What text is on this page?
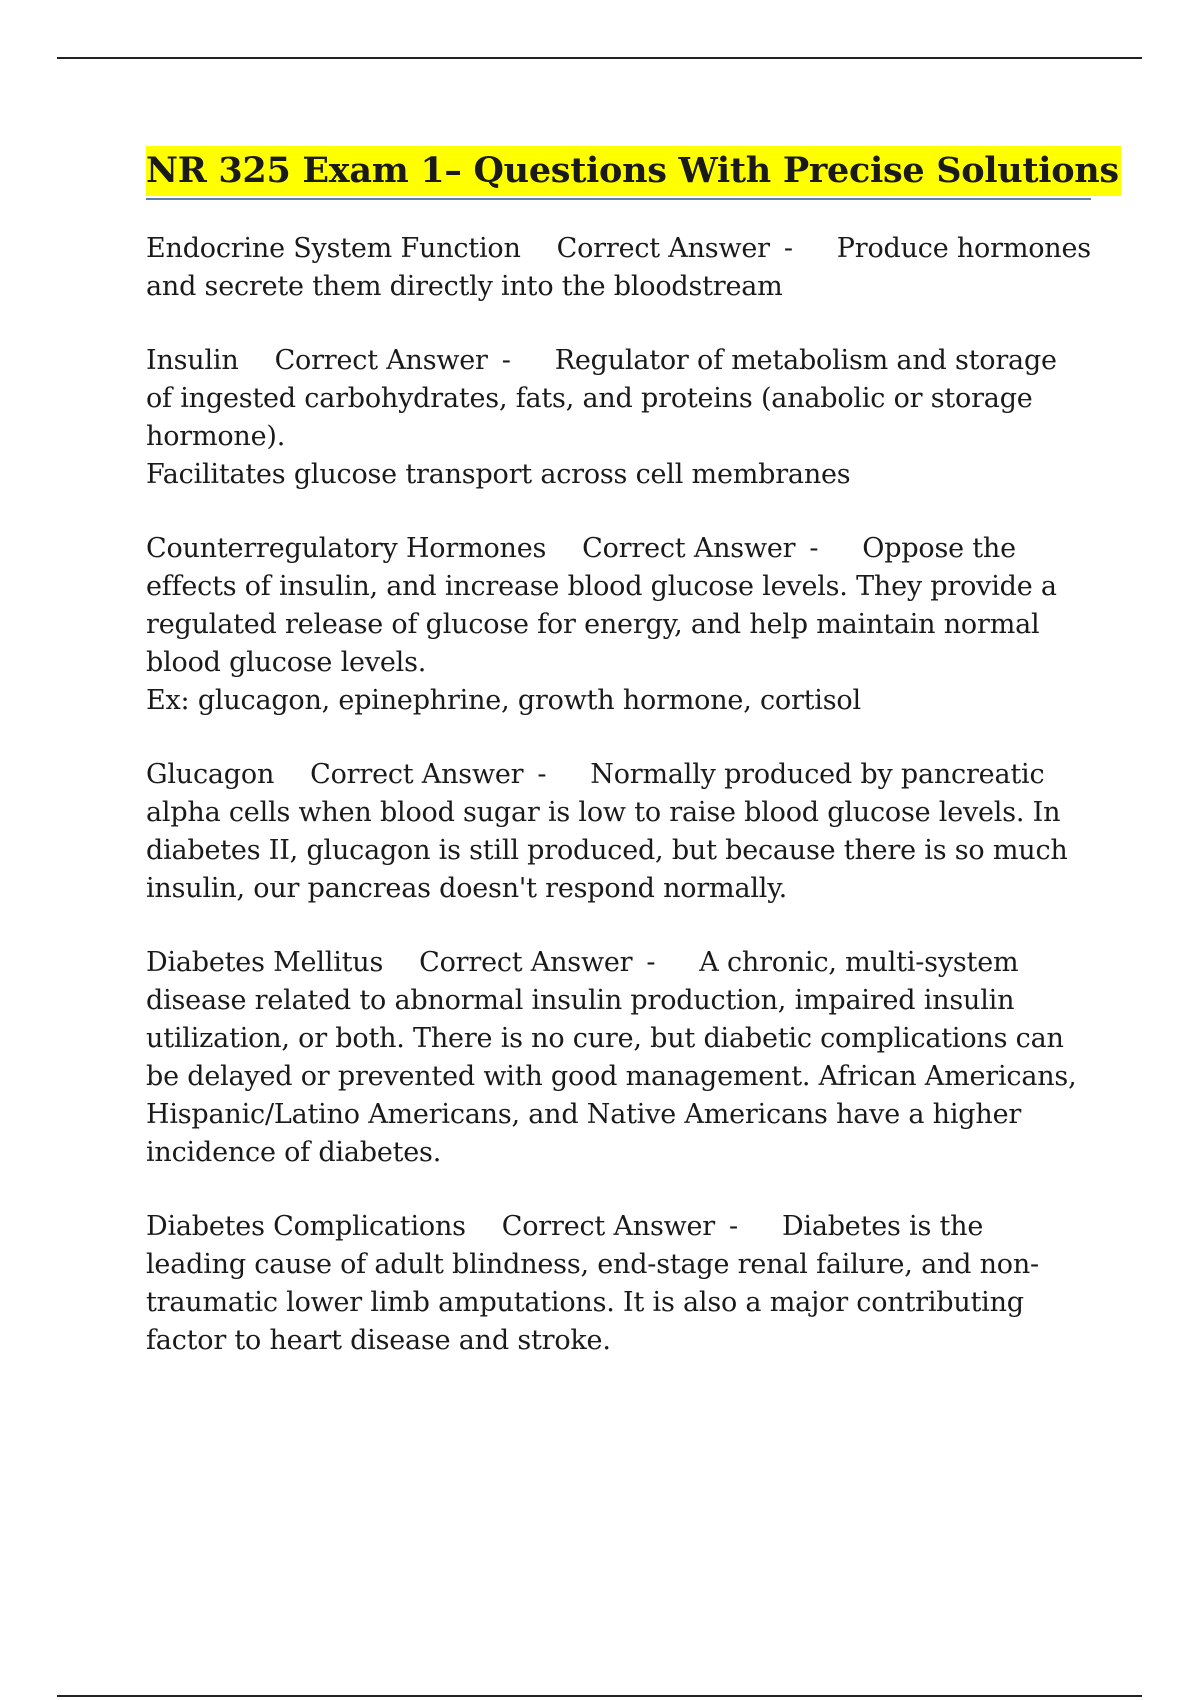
NR 325 Exam 1– Questions With Precise Solutions

Endocrine System Function Correct Answer - Produce hormones and secrete them directly into the bloodstream

Insulin Correct Answer - Regulator of metabolism and storage of ingested carbohydrates, fats, and proteins (anabolic or storage hormone).

Facilitates glucose transport across cell membranes

Counterregulatory Hormones Correct Answer - Oppose the effects of insulin, and increase blood glucose levels. They provide a regulated release of glucose for energy, and help maintain normal blood glucose levels.

Ex: glucagon, epinephrine, growth hormone, cortisol

Glucagon Correct Answer - Normally produced by pancreatic alpha cells when blood sugar is low to raise blood glucose levels. In diabetes II, glucagon is still produced, but because there is so much insulin, our pancreas doesn't respond normally.

Diabetes Mellitus Correct Answer - A chronic, multi-system disease related to abnormal insulin production, impaired insulin utilization, or both. There is no cure, but diabetic complications can be delayed or prevented with good management. African Americans, Hispanic/Latino Americans, and Native Americans have a higher incidence of diabetes.

Diabetes Complications Correct Answer - Diabetes is the leading cause of adult blindness, end-stage renal failure, and non-traumatic lower limb amputations. It is also a major contributing factor to heart disease and stroke.
